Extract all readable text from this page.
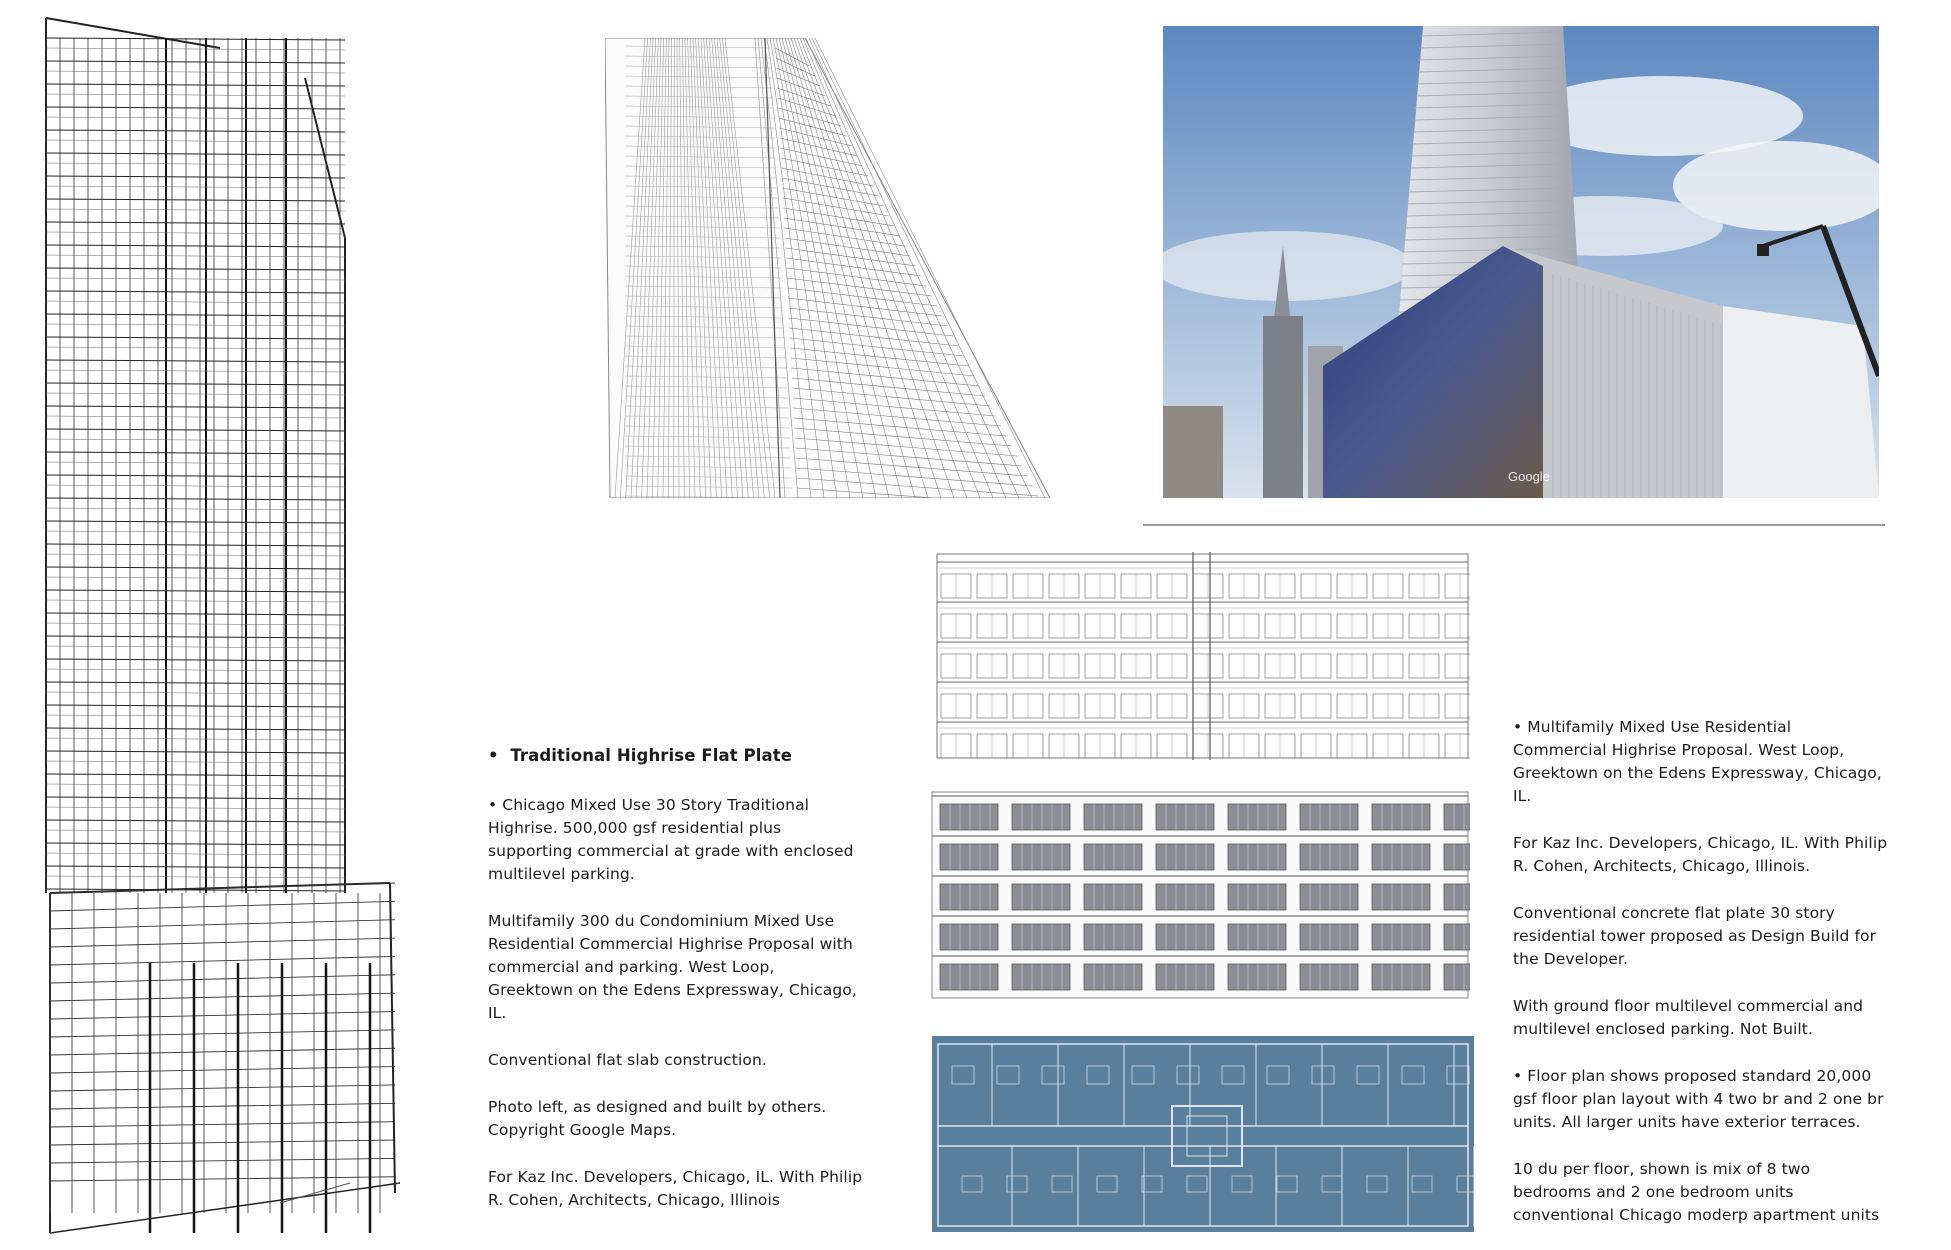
Google
•  Traditional Highrise Flat Plate

• Chicago Mixed Use 30 Story Traditional
Highrise. 500,000 gsf residential plus
supporting commercial at grade with enclosed
multilevel parking.

Multifamily 300 du Condominium Mixed Use
Residential Commercial Highrise Proposal with
commercial and parking. West Loop,
Greektown on the Edens Expressway, Chicago,
IL.

Conventional flat slab construction.

Photo left, as designed and built by others.
Copyright Google Maps.

For Kaz Inc. Developers, Chicago, IL. With Philip
R. Cohen, Architects, Chicago, Illinois

• Multifamily Mixed Use Residential
Commercial Highrise Proposal. West Loop,
Greektown on the Edens Expressway, Chicago,
IL.

For Kaz Inc. Developers, Chicago, IL. With Philip
R. Cohen, Architects, Chicago, Illinois.

Conventional concrete flat plate 30 story
residential tower proposed as Design Build for
the Developer.

With ground floor multilevel commercial and
multilevel enclosed parking. Not Built.

• Floor plan shows proposed standard 20,000
gsf floor plan layout with 4 two br and 2 one br
units. All larger units have exterior terraces.

10 du per floor, shown is mix of 8 two
bedrooms and 2 one bedroom units
conventional Chicago moderp apartment units
